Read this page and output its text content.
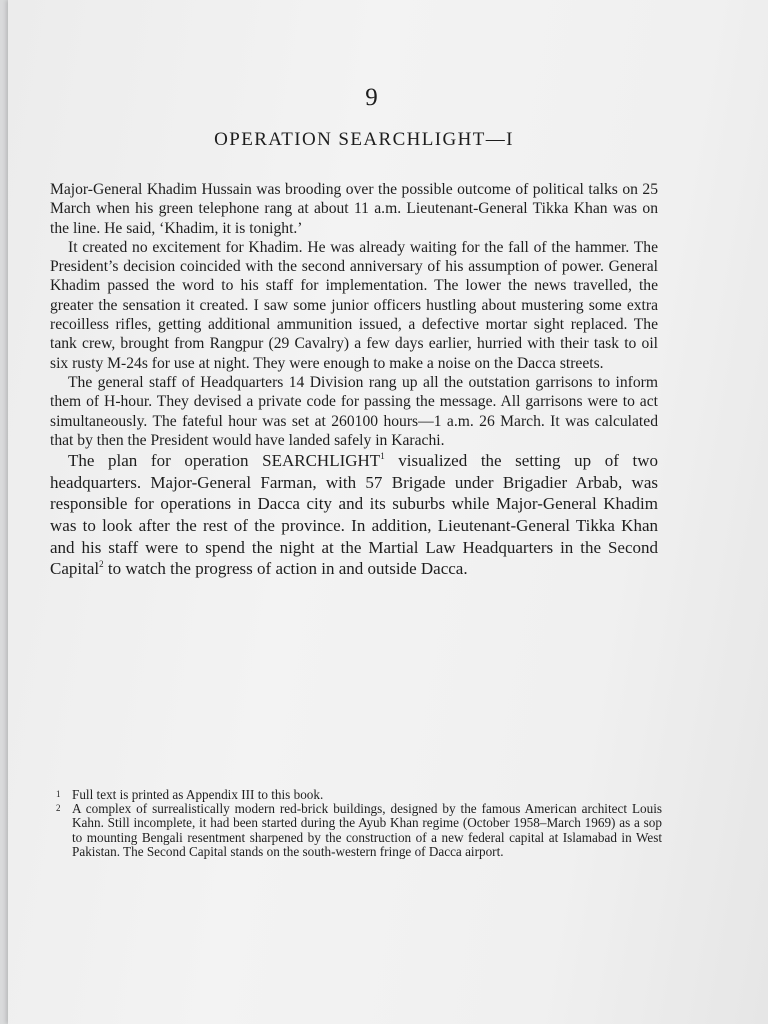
9
OPERATION SEARCHLIGHT—I

Major-General Khadim Hussain was brooding over the possible outcome of political talks on 25 March when his green telephone rang at about 11 a.m. Lieutenant-General Tikka Khan was on the line. He said, ‘Khadim, it is tonight.’

It created no excitement for Khadim. He was already waiting for the fall of the hammer. The President’s decision coincided with the second anniversary of his assumption of power. General Khadim passed the word to his staff for implementation. The lower the news travelled, the greater the sensation it created. I saw some junior officers hustling about mustering some extra recoilless rifles, getting additional ammunition issued, a defective mortar sight replaced. The tank crew, brought from Rangpur (29 Cavalry) a few days earlier, hurried with their task to oil six rusty M-24s for use at night. They were enough to make a noise on the Dacca streets.

The general staff of Headquarters 14 Division rang up all the outstation garrisons to inform them of H-hour. They devised a private code for passing the message. All garrisons were to act simultaneously. The fateful hour was set at 260100 hours—1 a.m. 26 March. It was calculated that by then the President would have landed safely in Karachi.

The plan for operation SEARCHLIGHT$^1$ visualized the setting up of two headquarters. Major-General Farman, with 57 Brigade under Brigadier Arbab, was responsible for operations in Dacca city and its suburbs while Major-General Khadim was to look after the rest of the province. In addition, Lieutenant-General Tikka Khan and his staff were to spend the night at the Martial Law Headquarters in the Second Capital$^2$ to watch the progress of action in and outside Dacca.

1 Full text is printed as Appendix III to this book.
2 A complex of surrealistically modern red-brick buildings, designed by the famous American architect Louis Kahn. Still incomplete, it had been started during the Ayub Khan regime (October 1958–March 1969) as a sop to mounting Bengali resentment sharpened by the construction of a new federal capital at Islamabad in West Pakistan. The Second Capital stands on the south-western fringe of Dacca airport.
